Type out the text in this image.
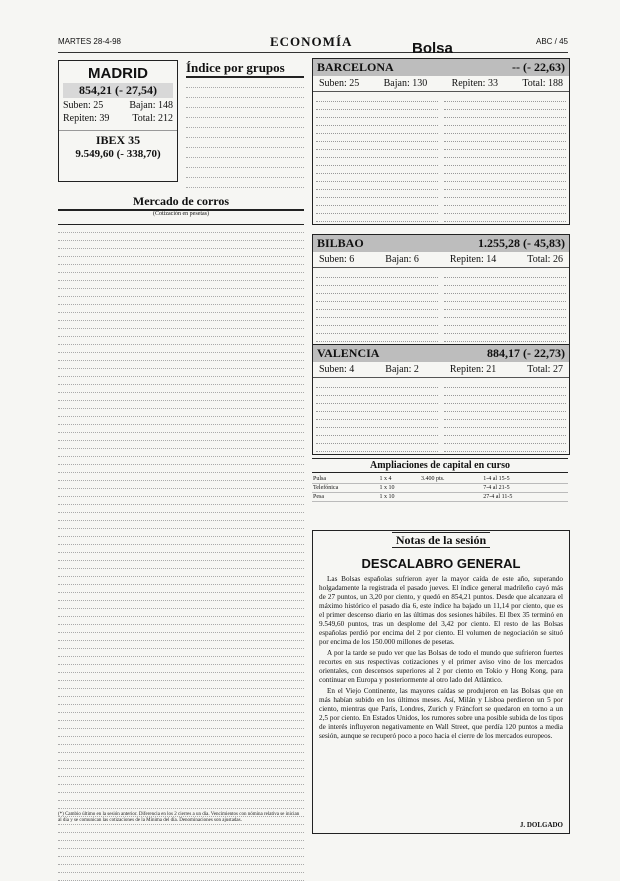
MARTES 28-4-98	ECONOMÍA	ABC / 45
MADRID
854,21 (- 27,54)
Suben: 25	Bajan: 148
Repiten: 39 Total: 212
IBEX 35
9.549,60 (- 338,70)
Índice por grupos
Bolsa
BARCELONA	-- (- 22,63)
Suben: 25 Bajan: 130 Repiten: 33 Total: 188
BILBAO	1.255,28 (- 45,83)
Suben: 6	Bajan: 6	Repiten: 14	Total: 26
VALENCIA	884,17 (- 22,73)
Suben: 4	Bajan: 2	Repiten: 21	Total: 27
Mercado de corros
(Cotización en pesetas)

Ampliaciones de capital en curso
Pulsa	1 x 4	3.400 pts.	1-4 al 15-5		
Telefónica	1 x 10		7-4 al 21-5		
Pesa	1 x 10		27-4 al 11-5		
Notas de la sesión
DESCALABRO GENERAL

Las Bolsas españolas sufrieron ayer la mayor caída de este año, superando holgadamente la registrada el pasado jueves. El índice general madrileño cayó más de 27 puntos, un 3,20 por ciento, y quedó en 854,21 puntos. Desde que alcanzara el máximo histórico el pasado día 6, este índice ha bajado un 11,14 por ciento, que es el primer descenso diario en las últimas dos sesiones hábiles. El Ibex 35 terminó en 9.549,60 puntos, tras un desplome del 3,42 por ciento. El resto de las Bolsas españolas perdió por encima del 2 por ciento. El volumen de negociación se situó por encima de los 150.000 millones de pesetas.

A por la tarde se pudo ver que las Bolsas de todo el mundo que sufrieron fuertes recortes en sus respectivas cotizaciones y el primer aviso vino de los mercados orientales, con descensos superiores al 2 por ciento en Tokio y Hong Kong, para continuar en Europa y posteriormente al otro lado del Atlántico.

En el Viejo Continente, las mayores caídas se produjeron en las Bolsas que en más habían subido en los últimos meses. Así, Milán y Lisboa perdieron un 5 por ciento, mientras que París, Londres, Zurich y Fráncfort se quedaron en torno a un 2,5 por ciento. En Estados Unidos, los rumores sobre una posible subida de los tipos de interés influyeron negativamente en Wall Street, que perdía 120 puntos a media sesión, aunque se recuperó poco a poco hacia el cierre de los mercados europeos.

J. DOLGADO
(*) Cambio último en la sesión anterior. Diferencia en los 2 cierres a un día. Vencimientos con nómina relativa se inician al día y se comunican las cotizaciones de la Mínima del día. Denominaciones son ajustadas.
